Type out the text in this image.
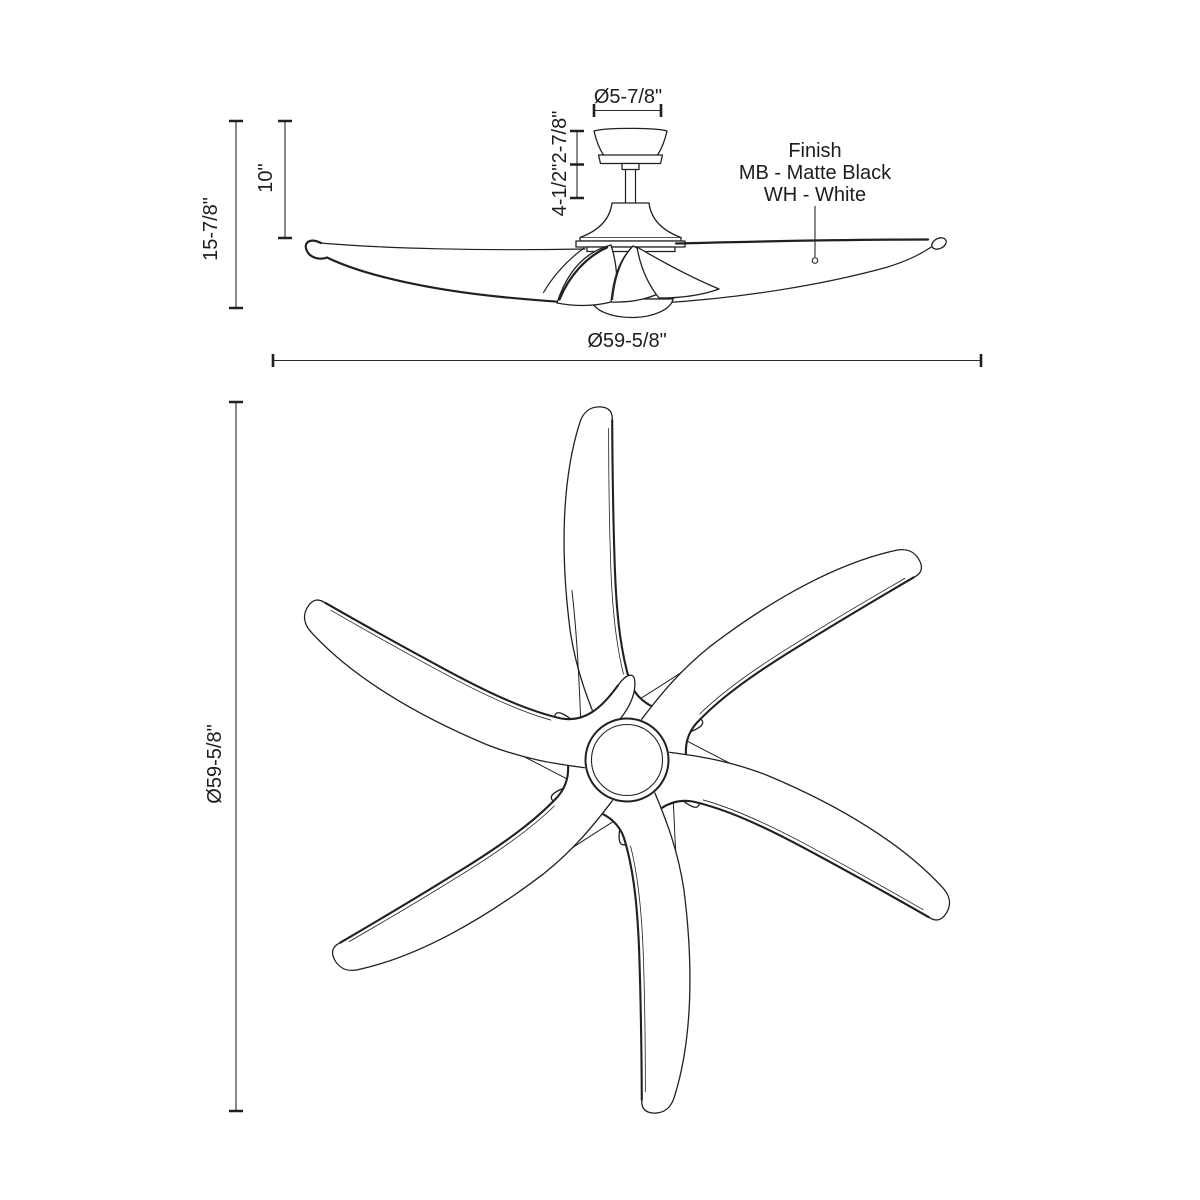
Ø5-7/8"
2-7/8"
4-1/2"
10"
15-7/8"
Ø59-5/8"
Finish
MB - Matte Black
WH - White
Ø59-5/8"
